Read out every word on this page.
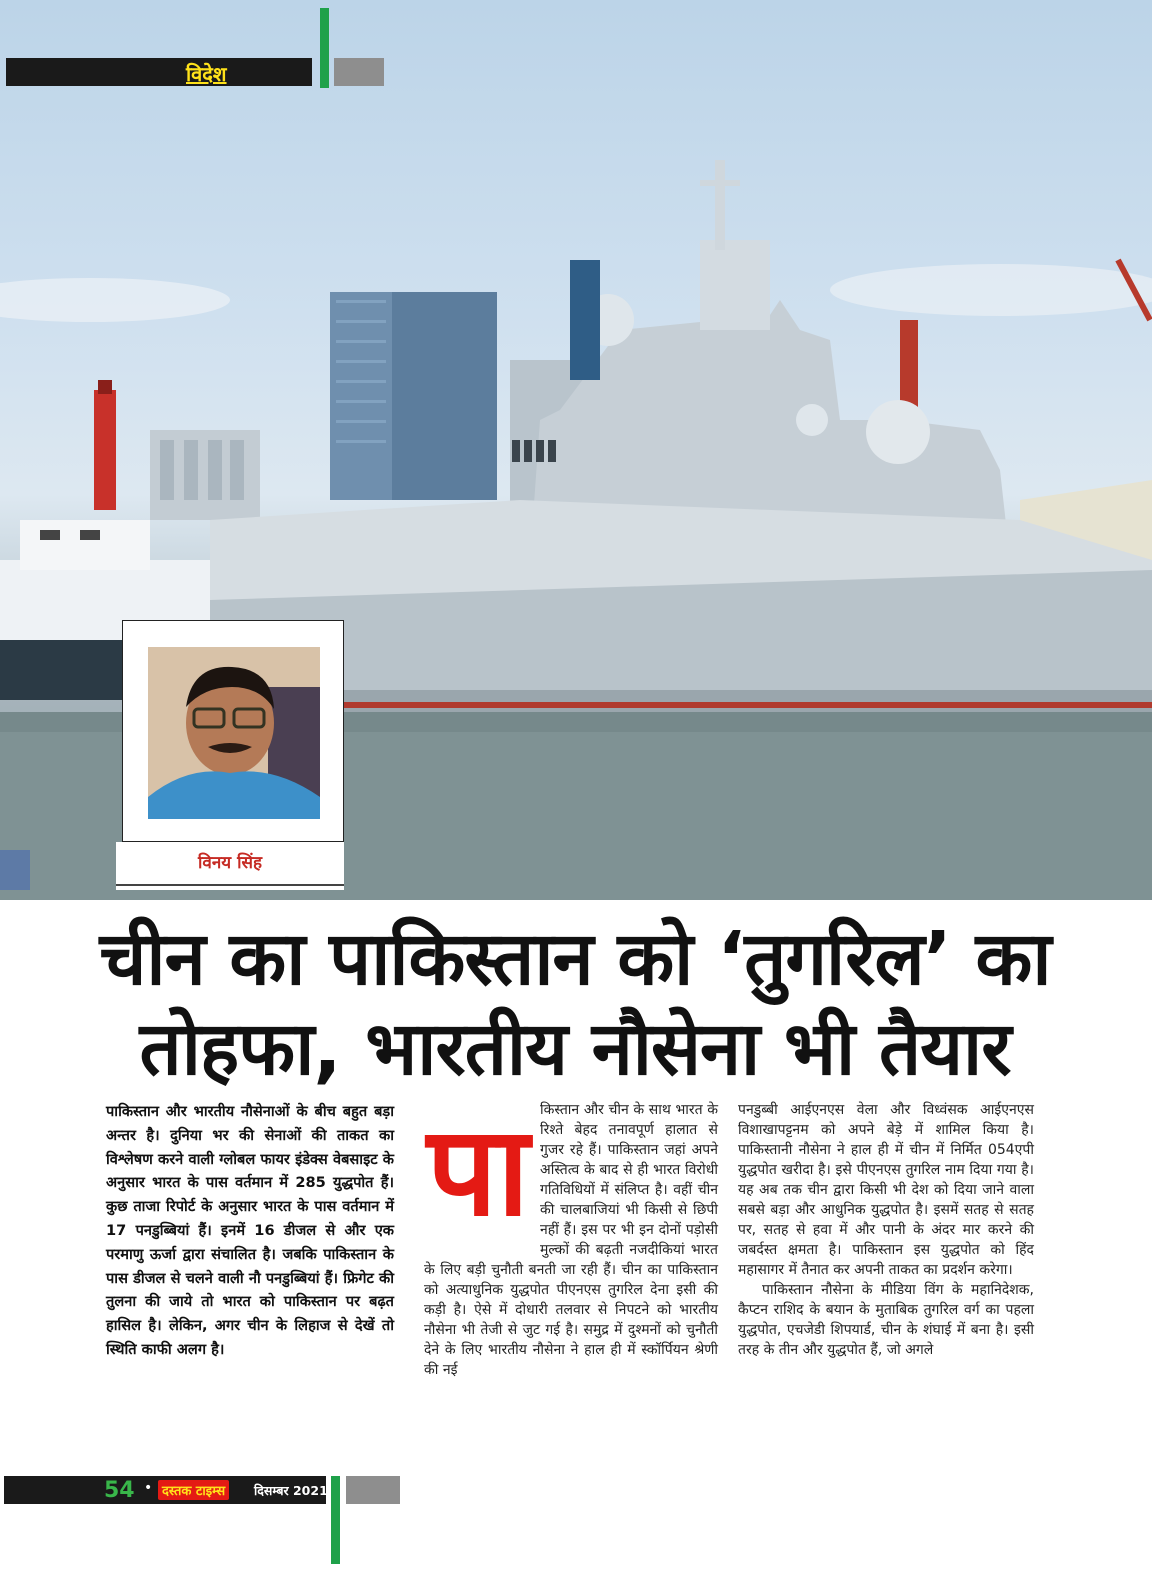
विदेश
विनय सिंह
चीन का पाकिस्तान को ‘तुगरिल’ का
तोहफा, भारतीय नौसेना भी तैयार
पाकिस्तान और भारतीय नौसेनाओं के बीच बहुत बड़ा अन्तर है। दुनिया भर की सेनाओं की ताकत का विश्लेषण करने वाली ग्लोबल फायर इंडेक्स वेबसाइट के अनुसार भारत के पास वर्तमान में 285 युद्धपोत हैं। कुछ ताजा रिपोर्ट के अनुसार भारत के पास वर्तमान में 17 पनडुब्बियां हैं। इनमें 16 डीजल से और एक परमाणु ऊर्जा द्वारा संचालित है। जबकि पाकिस्तान के पास डीजल से चलने वाली नौ पनडुब्बियां हैं। फ्रिगेट की तुलना की जाये तो भारत को पाकिस्तान पर बढ़त हासिल है। लेकिन, अगर चीन के लिहाज से देखें तो स्थिति काफी अलग है।
पा किस्तान और चीन के साथ भारत के रिश्ते बेहद तनावपूर्ण हालात से गुजर रहे हैं। पाकिस्तान जहां अपने अस्तित्व के बाद से ही भारत विरोधी गतिविधियों में संलिप्त है। वहीं चीन की चालबाजियां भी किसी से छिपी नहीं हैं। इस पर भी इन दोनों पड़ोसी मुल्कों की बढ़ती नजदीकियां भारत के लिए बड़ी चुनौती बनती जा रही हैं। चीन का पाकिस्तान को अत्याधुनिक युद्धपोत पीएनएस तुगरिल देना इसी की कड़ी है। ऐसे में दोधारी तलवार से निपटने को भारतीय नौसेना भी तेजी से जुट गई है। समुद्र में दुश्मनों को चुनौती देने के लिए भारतीय नौसेना ने हाल ही में स्कॉर्पियन श्रेणी की नई
पनडुब्बी आईएनएस वेला और विध्वंसक आईएनएस विशाखापट्टनम को अपने बेड़े में शामिल किया है। पाकिस्तानी नौसेना ने हाल ही में चीन में निर्मित 054एपी युद्धपोत खरीदा है। इसे पीएनएस तुगरिल नाम दिया गया है। यह अब तक चीन द्वारा किसी भी देश को दिया जाने वाला सबसे बड़ा और आधुनिक युद्धपोत है। इसमें सतह से सतह पर, सतह से हवा में और पानी के अंदर मार करने की जबर्दस्त क्षमता है। पाकिस्तान इस युद्धपोत को हिंद महासागर में तैनात कर अपनी ताकत का प्रदर्शन करेगा।
पाकिस्तान नौसेना के मीडिया विंग के महानिदेशक, कैप्टन राशिद के बयान के मुताबिक तुगरिल वर्ग का पहला युद्धपोत, एचजेडी शिपयार्ड, चीन के शंघाई में बना है। इसी तरह के तीन और युद्धपोत हैं, जो अगले
54 • दस्तक टाइम्स	दिसम्बर 2021
